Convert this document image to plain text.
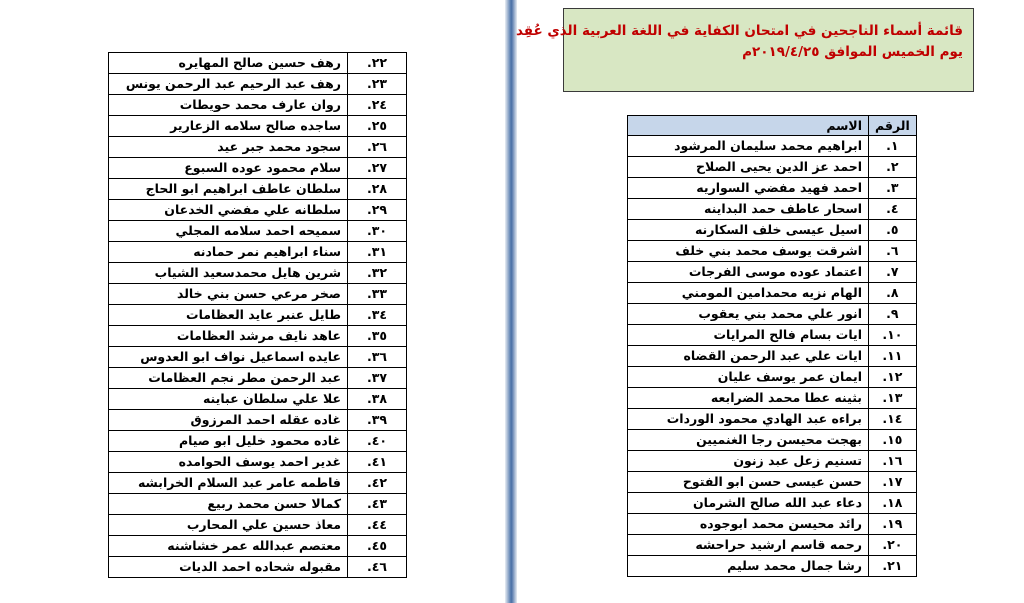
قائمة أسماء الناجحين في امتحان الكفاية في اللغة العربية الذي عُقِد
يوم الخميس الموافق ٢٠١٩/٤/٢٥م
الرقم	الاسم
١.	ابراهيم محمد سليمان المرشود
٢.	احمد عز الدين يحيى الصلاح
٣.	احمد فهيد مفضي السواريه
٤.	اسحار عاطف حمد البداينه
٥.	اسيل عيسى خلف السكارنه
٦.	اشرقت يوسف محمد بني خلف
٧.	اعتماد عوده موسى الفرجات
٨.	الهام نزيه محمدامين المومني
٩.	انور علي محمد بني يعقوب
١٠.	ايات بسام فالح المرايات
١١.	ايات علي عبد الرحمن القضاه
١٢.	ايمان عمر يوسف عليان
١٣.	بثينه عطا محمد الضرابعه
١٤.	براءه عبد الهادي محمود الوردات
١٥.	بهجت محيسن رجا الغنميين
١٦.	تسنيم زعل عبد زنون
١٧.	حسن عيسى حسن ابو الفتوح
١٨.	دعاء عبد الله صالح الشرمان
١٩.	رائد محيسن محمد ابوجوده
٢٠.	رحمه قاسم ارشيد حراحشه
٢١.	رشا جمال محمد سليم
٢٢.	رهف حسين صالح المهايره
٢٣.	رهف عبد الرحيم عبد الرحمن يونس
٢٤.	روان عارف محمد حويطات
٢٥.	ساجده صالح سلامه الزعارير
٢٦.	سجود محمد جبر عيد
٢٧.	سلام محمود عوده السبوع
٢٨.	سلطان عاطف ابراهيم ابو الحاج
٢٩.	سلطانه علي مفضي الخدعان
٣٠.	سميحه احمد سلامه المجلي
٣١.	سناء ابراهيم نمر حمادنه
٣٢.	شرين هايل محمدسعيد الشياب
٣٣.	صخر مرعي حسن بني خالد
٣٤.	طايل عنبر عايد العظامات
٣٥.	عاهد نايف مرشد العظامات
٣٦.	عايده اسماعيل نواف ابو العدوس
٣٧.	عبد الرحمن مطر نجم العظامات
٣٨.	علا علي سلطان عباينه
٣٩.	غاده عقله احمد المرزوق
٤٠.	غاده محمود خليل ابو صيام
٤١.	غدير احمد يوسف الحوامده
٤٢.	فاطمه عامر عبد السلام الخرابشه
٤٣.	كمالا حسن محمد ربيع
٤٤.	معاذ حسين علي المحارب
٤٥.	معتصم عبدالله عمر خشاشنه
٤٦.	مقبوله شحاده احمد الديات
